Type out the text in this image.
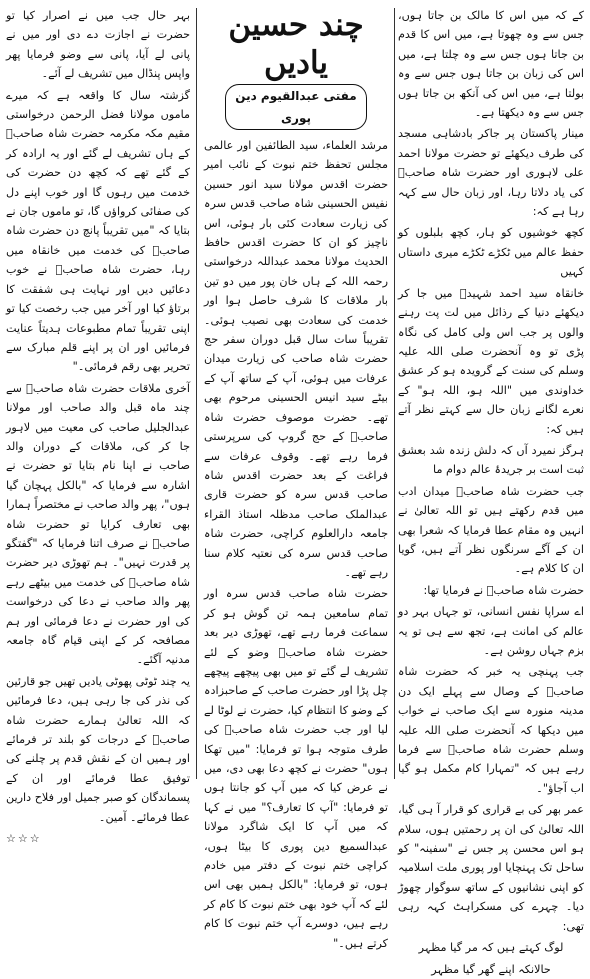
کے کہ میں اس کا مالک بن جاتا ہوں، جس سے وہ چھوتا ہے، میں اس کا قدم بن جاتا ہوں جس سے وہ چلتا ہے، میں اس کی زبان بن جاتا ہوں جس سے وہ بولتا ہے، میں اس کی آنکھ بن جاتا ہوں جس سے وہ دیکھتا ہے۔

مینار پاکستان پر جاکر بادشاہی مسجد کی طرف دیکھئے تو حضرت مولانا احمد علی لاہوری اور حضرت شاہ صاحبؒ کی یاد دلاتا رہا، اور زبان حال سے کہہ رہا ہے کہ:

کچھ خوشیوں کو ہار، کچھ بلبلوں کو حفظ عالم میں ٹکڑے ٹکڑے میری داستاں کہیں

خانقاہ سید احمد شہیدؒ میں جا کر دیکھئے دنیا کے رذائل میں لت پت رہنے والوں پر جب اس ولی کامل کی نگاہ پڑی تو وہ آنحضرت صلی اللہ علیہ وسلم کی سنت کے گرویدہ ہو کر عشق خداوندی میں "اللہ ہو، اللہ ہو" کے نعرے لگانے زبان حال سے کہتے نظر آتے ہیں کہ:

ہرگز نمیرد آں کہ دلش زندہ شد بعشق ثبت است بر جریدۂ عالم دوام ما

جب حضرت شاہ صاحبؒ میدان ادب میں قدم رکھتے ہیں تو اللہ تعالیٰ نے انہیں وہ مقام عطا فرمایا کہ شعرا بھی ان کے آگے سرنگوں نظر آتے ہیں، گویا ان کا کلام ہے۔

حضرت شاہ صاحبؒ نے فرمایا تھا:

اے سراپا نفس انسانی، تو جہاں بہر دو عالم کی امانت ہے، تجھ سے ہی تو یہ بزم جہاں روشن ہے۔

جب پہنچی یہ خبر کہ حضرت شاہ صاحبؒ کے وصال سے پہلے ایک دن مدینہ منورہ سے ایک صاحب نے خواب میں دیکھا کہ آنحضرت صلی اللہ علیہ وسلم حضرت شاہ صاحبؒ سے فرما رہے ہیں کہ "تمہارا کام مکمل ہو گیا اب آجاؤ"۔

عمر بھر کی بے قراری کو قرار آ ہی گیا، اللہ تعالیٰ کی ان پر رحمتیں ہوں، سلام ہو اس محسن پر جس نے "سفینہ" کو ساحل تک پہنچایا اور پوری ملت اسلامیہ کو اپنی نشانیوں کے ساتھ سوگوار چھوڑ دیا۔ چہرے کی مسکراہٹ کہہ رہی تھی:

لوگ کہتے ہیں کہ مر گیا مظہر

حالانکہ اپنے گھر گیا مظہر

چند حسین یادیں
مفتی عبدالقیوم دین پوری

مرشد العلماء، سید الطائفین اور عالمی مجلس تحفظ ختم نبوت کے نائب امیر حضرت اقدس مولانا سید انور حسین نفیس الحسینی شاہ صاحب قدس سرہ کی زیارت سعادت کئی بار ہوئی، اس ناچیز کو ان کا حضرت اقدس حافظ الحدیث مولانا محمد عبداللہ درخواستی رحمہ اللہ کے ہاں خان پور میں دو تین بار ملاقات کا شرف حاصل ہوا اور خدمت کی سعادت بھی نصیب ہوئی۔ تقریباً سات سال قبل دوران سفر حج حضرت شاہ صاحب کی زیارت میدان عرفات میں ہوئی، آپ کے ساتھ آپ کے بیٹے سید انیس الحسینی مرحوم بھی تھے۔ حضرت موصوف حضرت شاہ صاحبؒ کے حج گروپ کی سرپرستی فرما رہے تھے۔ وقوف عرفات سے فراغت کے بعد حضرت اقدس شاہ صاحب قدس سرہ کو حضرت قاری عبدالملک صاحب مدظلہ استاذ القراء جامعہ دارالعلوم کراچی، حضرت شاہ صاحب قدس سرہ کی نعتیہ کلام سنا رہے تھے۔

حضرت شاہ صاحب قدس سرہ اور تمام سامعین ہمہ تن گوش ہو کر سماعت فرما رہے تھے، تھوڑی دیر بعد حضرت شاہ صاحبؒ وضو کے لئے تشریف لے گئے تو میں بھی پیچھے پیچھے چل پڑا اور حضرت صاحب کے صاحبزادہ کے وضو کا انتظام کیا، حضرت نے لوٹا لے لیا اور جب حضرت شاہ صاحبؒ کی طرف متوجہ ہوا تو فرمایا: "میں تھکا ہوں" حضرت نے کچھ دعا بھی دی، میں نے عرض کیا کہ میں آپ کو جانتا ہوں تو فرمایا: "آپ کا تعارف؟" میں نے کہا کہ میں آپ کا ایک شاگرد مولانا عبدالسمیع دین پوری کا بیٹا ہوں، کراچی ختم نبوت کے دفتر میں خادم ہوں، تو فرمایا: "بالکل ہمیں بھی اس لئے کہ آپ خود بھی ختم نبوت کا کام کر رہے ہیں، دوسرے آپ ختم نبوت کا کام کرتے ہیں۔"

بہر حال جب میں نے اصرار کیا تو حضرت نے اجازت دے دی اور میں نے پانی لے آیا، پانی سے وضو فرمایا پھر واپس پنڈال میں تشریف لے آئے۔

گزشتہ سال کا واقعہ ہے کہ میرے ماموں مولانا فضل الرحمن درخواستی مقیم مکہ مکرمہ حضرت شاہ صاحبؒ کے ہاں تشریف لے گئے اور یہ ارادہ کر کے گئے تھے کہ کچھ دن حضرت کی خدمت میں رہوں گا اور خوب اپنے دل کی صفائی کرواؤں گا، تو ماموں جان نے بتایا کہ "میں تقریباً پانچ دن حضرت شاہ صاحبؒ کی خدمت میں خانقاہ میں رہا، حضرت شاہ صاحبؒ نے خوب دعائیں دیں اور نہایت ہی شفقت کا برتاؤ کیا اور آخر میں جب رخصت کیا تو اپنی تقریباً تمام مطبوعات ہدیتاً عنایت فرمائیں اور ان پر اپنے قلم مبارک سے تحریر بھی رقم فرمائی۔"

آخری ملاقات حضرت شاہ صاحبؒ سے چند ماہ قبل والد صاحب اور مولانا عبدالجلیل صاحب کی معیت میں لاہور جا کر کی، ملاقات کے دوران والد صاحب نے اپنا نام بتایا تو حضرت نے اشارہ سے فرمایا کہ "بالکل پہچان گیا ہوں"، پھر والد صاحب نے مختصراً ہمارا بھی تعارف کرایا تو حضرت شاہ صاحبؒ نے صرف اتنا فرمایا کہ "گفتگو پر قدرت نہیں"۔ ہم تھوڑی دیر حضرت شاہ صاحبؒ کی خدمت میں بیٹھے رہے پھر والد صاحب نے دعا کی درخواست کی اور حضرت نے دعا فرمائی اور ہم مصافحہ کر کے اپنی قیام گاہ جامعہ مدنیہ آگئے۔

یہ چند ٹوٹی پھوٹی یادیں تھیں جو قارئین کی نذر کی جا رہی ہیں، دعا فرمائیں کہ اللہ تعالیٰ ہمارے حضرت شاہ صاحبؒ کے درجات کو بلند تر فرمائے اور ہمیں ان کے نقش قدم پر چلنے کی توفیق عطا فرمائے اور ان کے پسماندگان کو صبر جمیل اور فلاح دارین عطا فرمائے۔ آمین۔

☆☆☆
